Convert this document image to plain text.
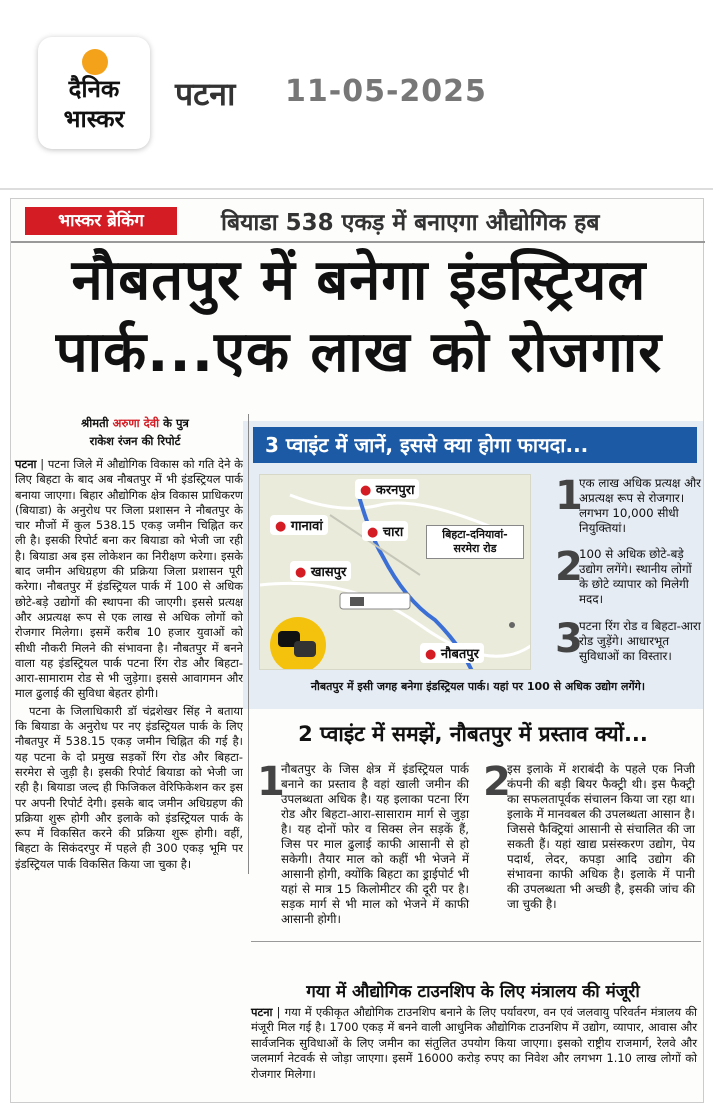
दैनिक
भास्कर
पटना 11-05-2025
भास्कर ब्रेकिंग	बियाडा 538 एकड़ में बनाएगा औद्योगिक हब
नौबतपुर में बनेगा इंडस्ट्रियल
पार्क...एक लाख को रोजगार
श्रीमती अरुणा देवी के पुत्र
राकेश रंजन की रिपोर्ट

पटना | पटना जिले में औद्योगिक विकास को गति देने के लिए बिहटा के बाद अब नौबतपुर में भी इंडस्ट्रियल पार्क बनाया जाएगा। बिहार औद्योगिक क्षेत्र विकास प्राधिकरण (बियाडा) के अनुरोध पर जिला प्रशासन ने नौबतपुर के चार मौजों में कुल 538.15 एकड़ जमीन चिह्नित कर ली है। इसकी रिपोर्ट बना कर बियाडा को भेजी जा रही है। बियाडा अब इस लोकेशन का निरीक्षण करेगा। इसके बाद जमीन अधिग्रहण की प्रक्रिया जिला प्रशासन पूरी करेगा। नौबतपुर में इंडस्ट्रियल पार्क में 100 से अधिक छोटे-बड़े उद्योगों की स्थापना की जाएगी। इससे प्रत्यक्ष और अप्रत्यक्ष रूप से एक लाख से अधिक लोगों को रोजगार मिलेगा। इसमें करीब 10 हजार युवाओं को सीधी नौकरी मिलने की संभावना है। नौबतपुर में बनने वाला यह इंडस्ट्रियल पार्क पटना रिंग रोड और बिहटा-आरा-सामाराम रोड से भी जुड़ेगा। इससे आवागमन और माल ढुलाई की सुविधा बेहतर होगी।

पटना के जिलाधिकारी डॉ चंद्रशेखर सिंह ने बताया कि बियाडा के अनुरोध पर नए इंडस्ट्रियल पार्क के लिए नौबतपुर में 538.15 एकड़ जमीन चिह्नित की गई है। यह पटना के दो प्रमुख सड़कों रिंग रोड और बिहटा-सरमेरा से जुड़ी है। इसकी रिपोर्ट बियाडा को भेजी जा रही है। बियाडा जल्द ही फिजिकल वेरिफिकेशन कर इस पर अपनी रिपोर्ट देगी। इसके बाद जमीन अधिग्रहण की प्रक्रिया शुरू होगी और इलाके को इंडस्ट्रियल पार्क के रूप में विकसित करने की प्रक्रिया शुरू होगी। वहीं, बिहटा के सिकंदरपुर में पहले ही 300 एकड़ भूमि पर इंडस्ट्रियल पार्क विकसित किया जा चुका है।

3 प्वाइंट में जानें, इससे क्या होगा फायदा...
● करनपुरा
● गानावां	● चारा
● खासपुर
● नौबतपुर
बिहटा-दनियावां-
सरमेरा रोड
नौबतपुर में इसी जगह बनेगा इंडस्ट्रियल पार्क। यहां पर 100 से अधिक उद्योग लगेंगे।
1
एक लाख अधिक प्रत्यक्ष और अप्रत्यक्ष रूप से रोजगार। लगभग 10,000 सीधी नियुक्तियां।
2
100 से अधिक छोटे-बड़े उद्योग लगेंगे। स्थानीय लोगों के छोटे व्यापार को मिलेगी मदद।
3
पटना रिंग रोड व बिहटा-आरा रोड जुड़ेंगे। आधारभूत सुविधाओं का विस्तार।
2 प्वाइंट में समझें, नौबतपुर में प्रस्ताव क्यों...
1
नौबतपुर के जिस क्षेत्र में इंडस्ट्रियल पार्क बनाने का प्रस्ताव है वहां खाली जमीन की उपलब्धता अधिक है। यह इलाका पटना रिंग रोड और बिहटा-आरा-सासाराम मार्ग से जुड़ा है। यह दोनों फोर व सिक्स लेन सड़कें हैं, जिस पर माल ढुलाई काफी आसानी से हो सकेगी। तैयार माल को कहीं भी भेजने में आसानी होगी, क्योंकि बिहटा का ड्राईपोर्ट भी यहां से मात्र 15 किलोमीटर की दूरी पर है। सड़क मार्ग से भी माल को भेजने में काफी आसानी होगी।
2
इस इलाके में शराबंदी के पहले एक निजी कंपनी की बड़ी बियर फैक्ट्री थी। इस फैक्ट्री का सफलतापूर्वक संचालन किया जा रहा था। इलाके में मानवबल की उपलब्धता आसान है। जिससे फैक्ट्रियां आसानी से संचालित की जा सकती हैं। यहां खाद्य प्रसंस्करण उद्योग, पेय पदार्थ, लेदर, कपड़ा आदि उद्योग की संभावना काफी अधिक है। इलाके में पानी की उपलब्धता भी अच्छी है, इसकी जांच की जा चुकी है।
गया में औद्योगिक टाउनशिप के लिए मंत्रालय की मंजूरी
पटना | गया में एकीकृत औद्योगिक टाउनशिप बनाने के लिए पर्यावरण, वन एवं जलवायु परिवर्तन मंत्रालय की मंजूरी मिल गई है। 1700 एकड़ में बनने वाली आधुनिक औद्योगिक टाउनशिप में उद्योग, व्यापार, आवास और सार्वजनिक सुविधाओं के लिए जमीन का संतुलित उपयोग किया जाएगा। इसको राष्ट्रीय राजमार्ग, रेलवे और जलमार्ग नेटवर्क से जोड़ा जाएगा। इसमें 16000 करोड़ रुपए का निवेश और लगभग 1.10 लाख लोगों को रोजगार मिलेगा।
